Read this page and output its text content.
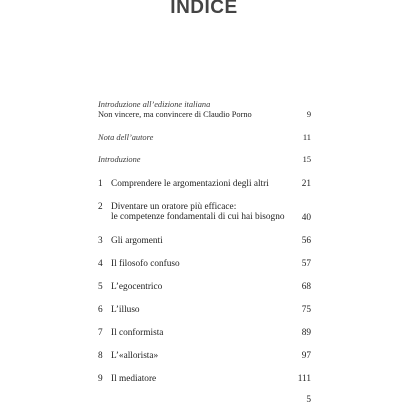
INDICE
Introduzione all’edizione italiana
Non vincere, ma convincere di Claudio Porno	9
Nota dell’autore	11
Introduzione	15
1 Comprendere le argomentazioni degli altri	21
2 Diventare un oratore più efficace:
le competenze fondamentali di cui hai bisogno	40
3 Gli argomenti	56
4 Il filosofo confuso	57
5 L’egocentrico	68
6 L’illuso	75
7 Il conformista	89
8 L’«allorista»	97
9 Il mediatore	111
5
